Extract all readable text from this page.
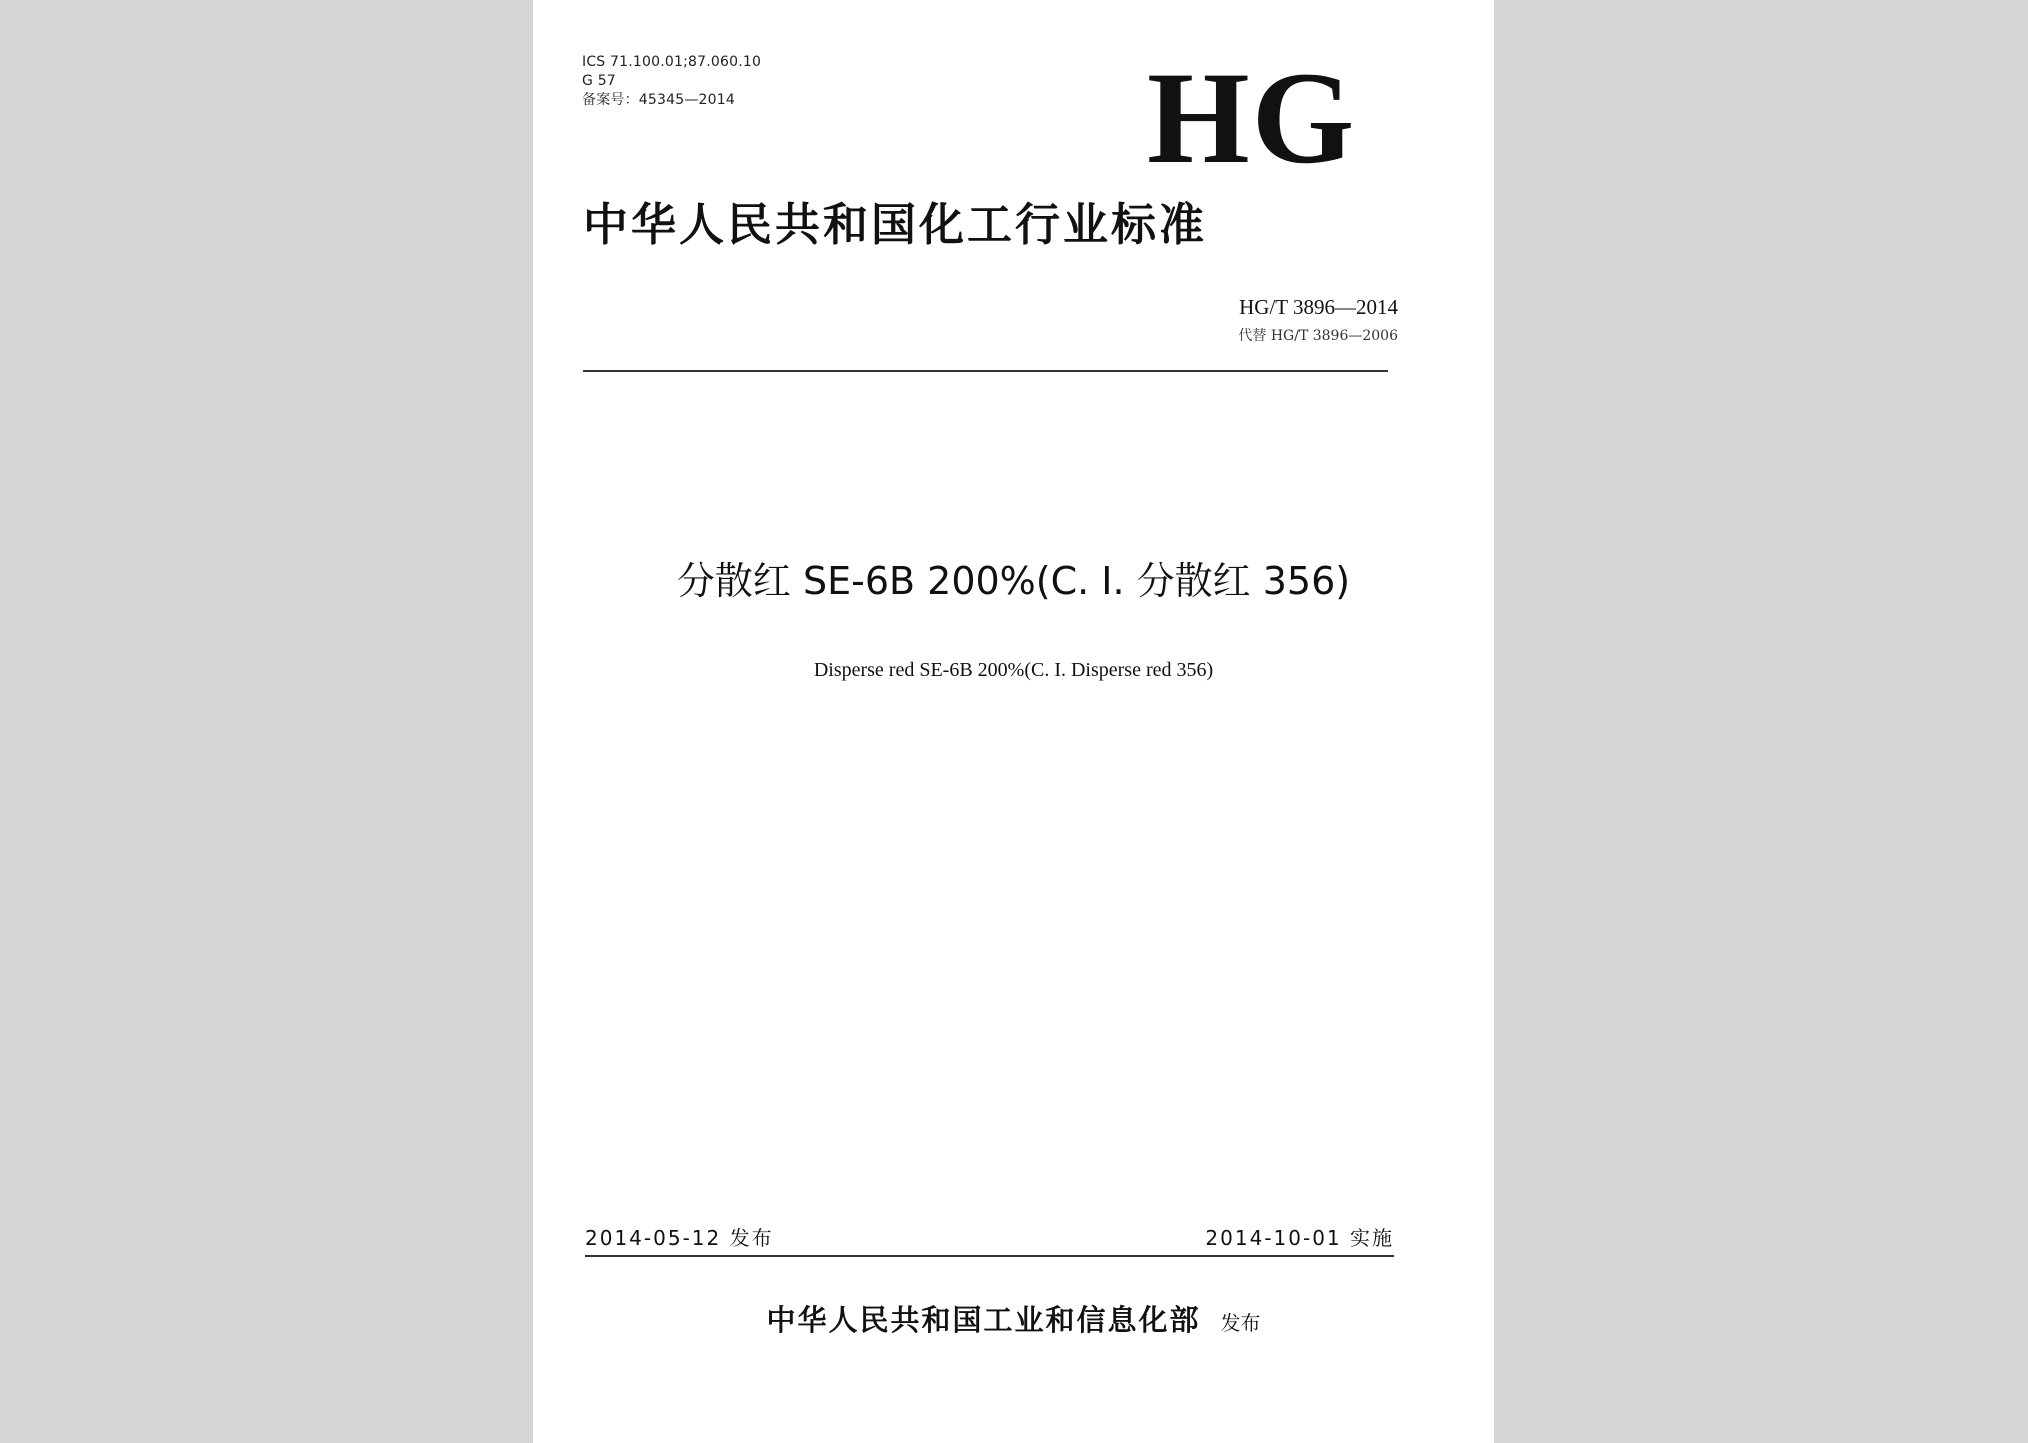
ICS 71.100.01;87.060.10
G 57
备案号：45345—2014	HG
中华人民共和国化工行业标准
HG/T 3896—2014
代替 HG/T 3896—2006
分散红 SE-6B 200%(C. I. 分散红 356)
Disperse red SE-6B 200%(C. I. Disperse red 356)
2014-05-12 发布	2014-10-01 实施
中华人民共和国工业和信息化部 发布
